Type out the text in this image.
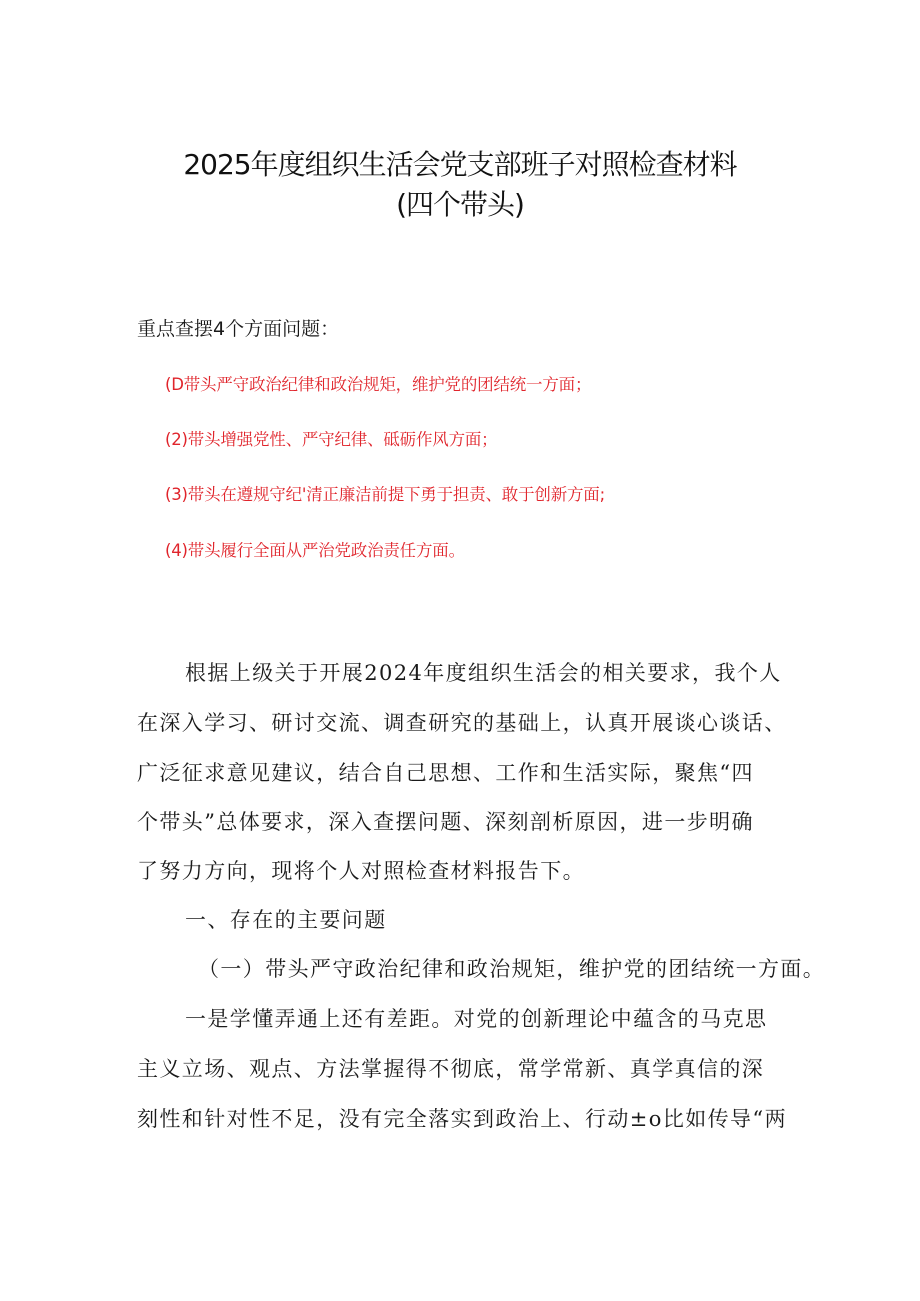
2025年度组织生活会党支部班子对照检查材料
(四个带头)
重点查摆4个方面问题：
(D带头严守政治纪律和政治规矩，维护党的团结统一方面；
(2)带头增强党性、严守纪律、砥砺作风方面；
(3)带头在遵规守纪'清正廉洁前提下勇于担责、敢于创新方面;
(4)带头履行全面从严治党政治责任方面。
根据上级关于开展2024年度组织生活会的相关要求，我个人
在深入学习、研讨交流、调查研究的基础上，认真开展谈心谈话、
广泛征求意见建议，结合自己思想、工作和生活实际，聚焦“四
个带头”总体要求，深入查摆问题、深刻剖析原因，进一步明确
了努力方向，现将个人对照检查材料报告下。
一、存在的主要问题
（一）带头严守政治纪律和政治规矩，维护党的团结统一方面。
一是学懂弄通上还有差距。对党的创新理论中蕴含的马克思
主义立场、观点、方法掌握得不彻底，常学常新、真学真信的深
刻性和针对性不足，没有完全落实到政治上、行动±o比如传导“两
